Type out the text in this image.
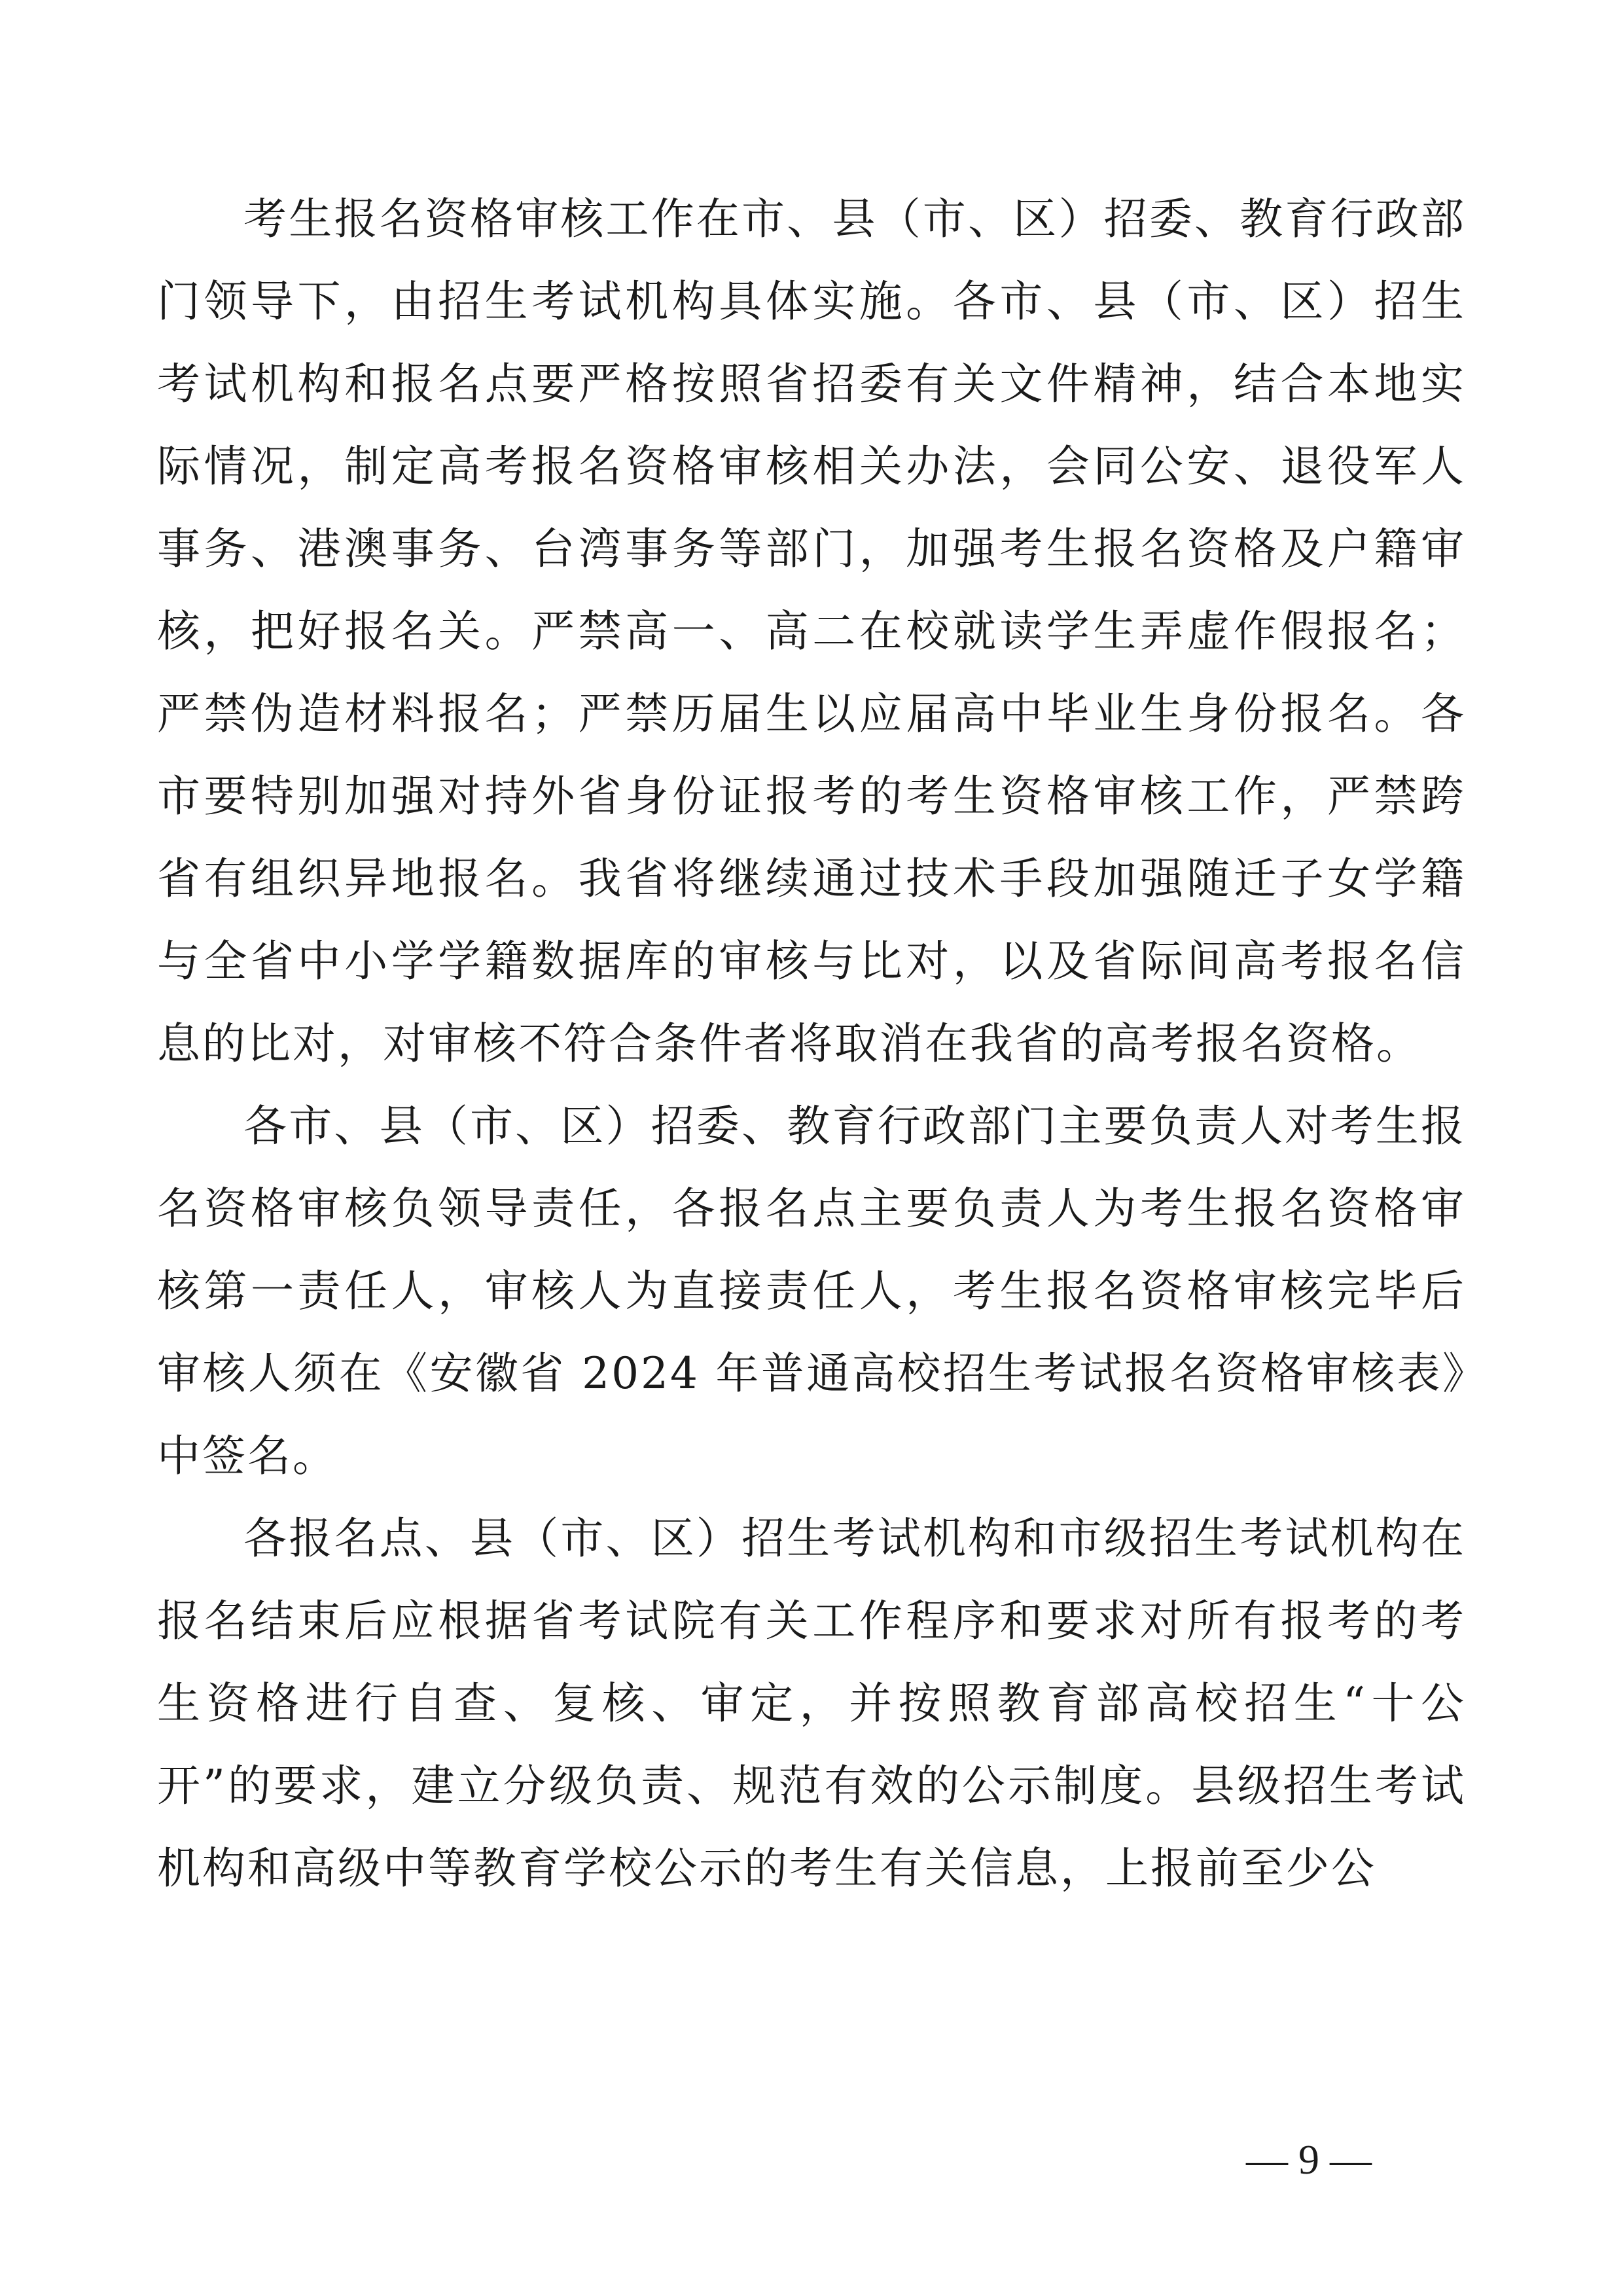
考生报名资格审核工作在市、县（市、区）招委、教育行政部门领导下，由招生考试机构具体实施。各市、县（市、区）招生考试机构和报名点要严格按照省招委有关文件精神，结合本地实际情况，制定高考报名资格审核相关办法，会同公安、退役军人事务、港澳事务、台湾事务等部门，加强考生报名资格及户籍审核，把好报名关。严禁高一、高二在校就读学生弄虚作假报名；严禁伪造材料报名；严禁历届生以应届高中毕业生身份报名。各市要特别加强对持外省身份证报考的考生资格审核工作，严禁跨省有组织异地报名。我省将继续通过技术手段加强随迁子女学籍与全省中小学学籍数据库的审核与比对，以及省际间高考报名信息的比对，对审核不符合条件者将取消在我省的高考报名资格。

各市、县（市、区）招委、教育行政部门主要负责人对考生报名资格审核负领导责任，各报名点主要负责人为考生报名资格审核第一责任人，审核人为直接责任人，考生报名资格审核完毕后审核人须在《安徽省 2024 年普通高校招生考试报名资格审核表》中签名。

各报名点、县（市、区）招生考试机构和市级招生考试机构在报名结束后应根据省考试院有关工作程序和要求对所有报考的考生资格进行自查、复核、审定，并按照教育部高校招生“十公开”的要求，建立分级负责、规范有效的公示制度。县级招生考试机构和高级中等教育学校公示的考生有关信息，上报前至少公

— 9 —
